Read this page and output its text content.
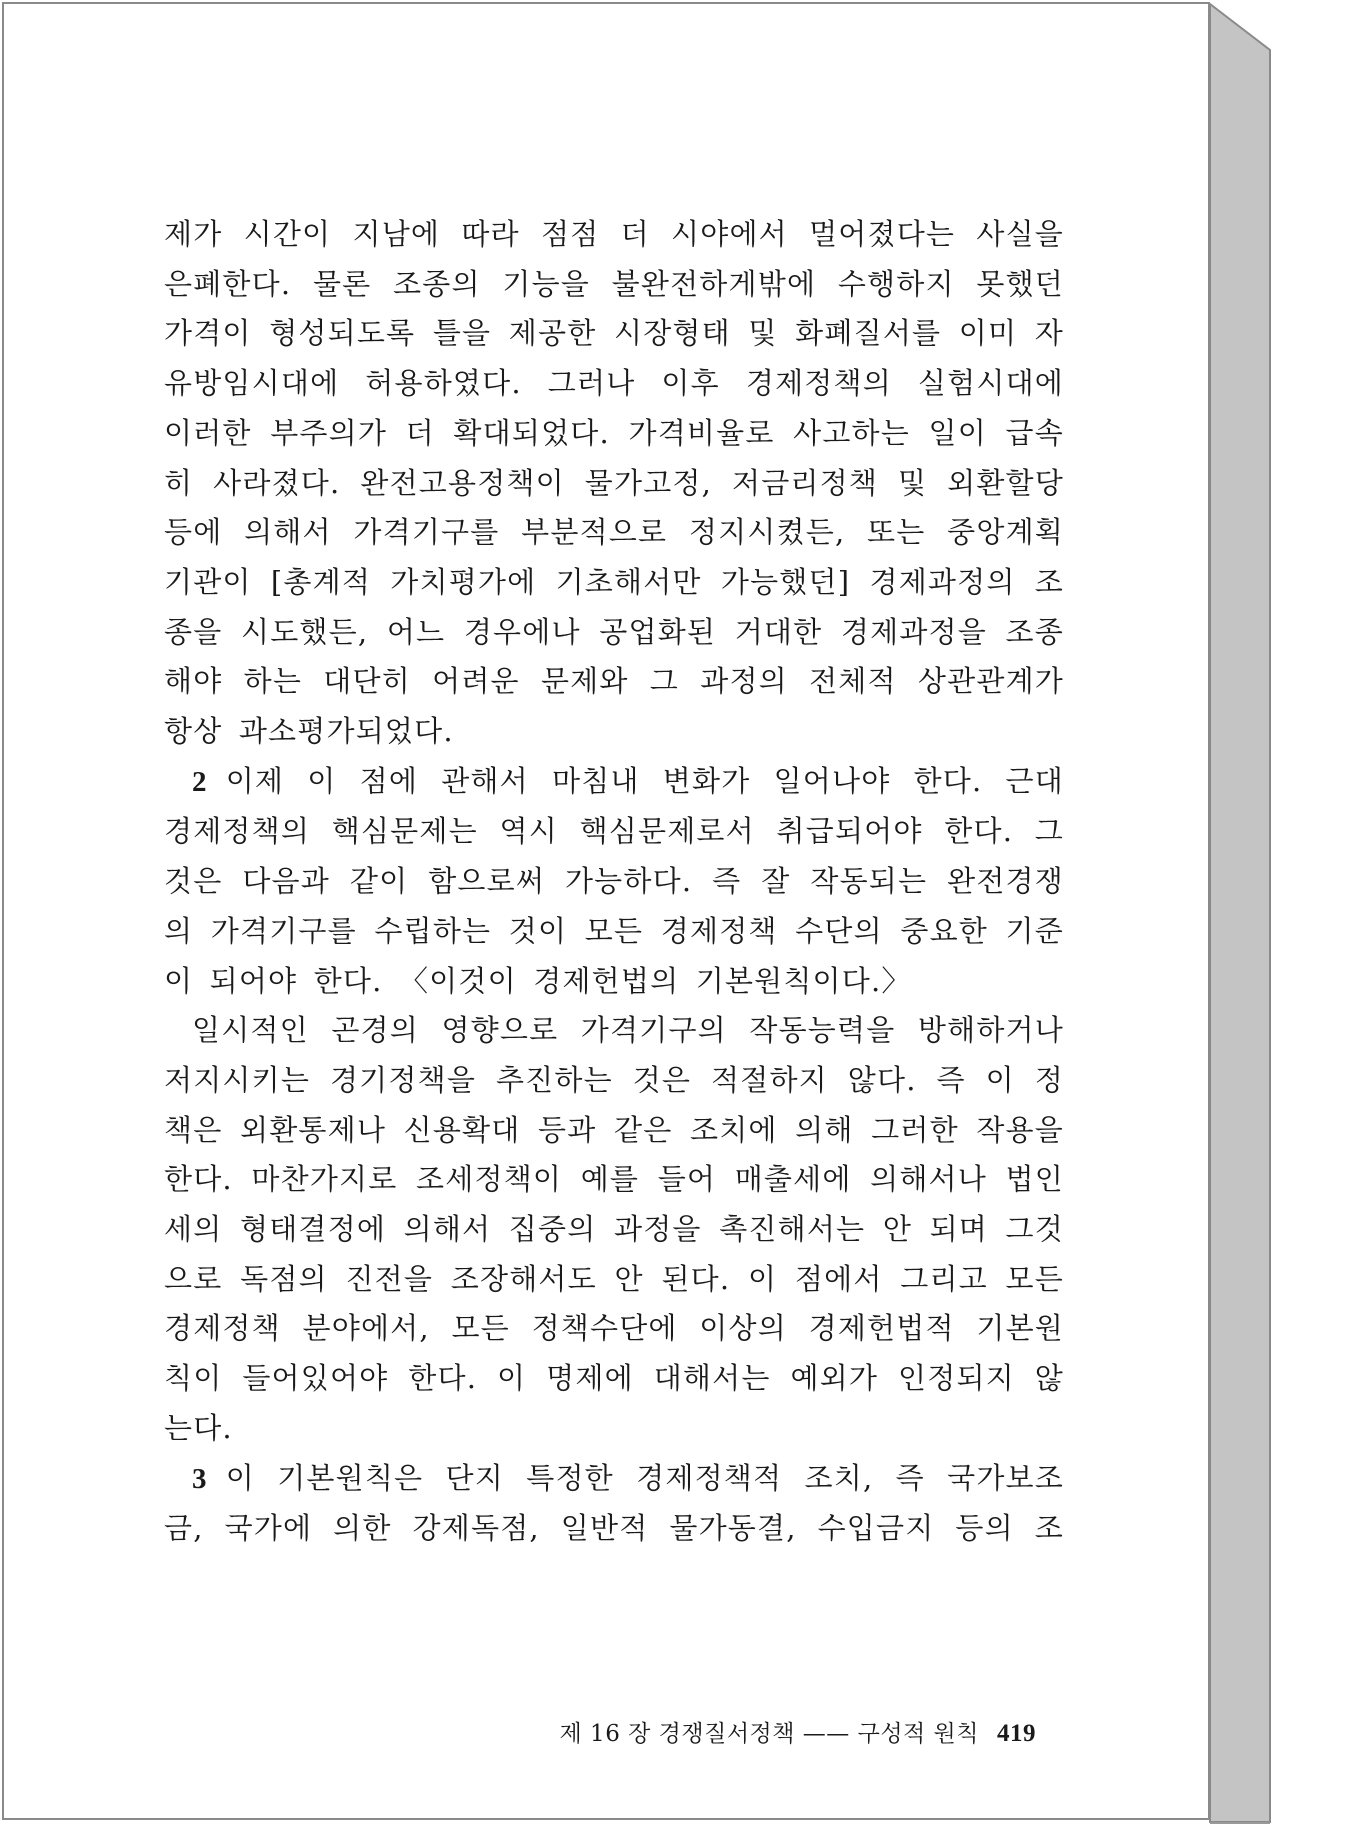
제가 시간이 지남에 따라 점점 더 시야에서 멀어졌다는 사실을

은폐한다. 물론 조종의 기능을 불완전하게밖에 수행하지 못했던

가격이 형성되도록 틀을 제공한 시장형태 및 화폐질서를 이미 자

유방임시대에 허용하였다. 그러나 이후 경제정책의 실험시대에

이러한 부주의가 더 확대되었다. 가격비율로 사고하는 일이 급속

히 사라졌다. 완전고용정책이 물가고정, 저금리정책 및 외환할당

등에 의해서 가격기구를 부분적으로 정지시켰든, 또는 중앙계획

기관이 [총계적 가치평가에 기초해서만 가능했던] 경제과정의 조

종을 시도했든, 어느 경우에나 공업화된 거대한 경제과정을 조종

해야 하는 대단히 어려운 문제와 그 과정의 전체적 상관관계가

항상 과소평가되었다.

2 이제 이 점에 관해서 마침내 변화가 일어나야 한다. 근대

경제정책의 핵심문제는 역시 핵심문제로서 취급되어야 한다. 그

것은 다음과 같이 함으로써 가능하다. 즉 잘 작동되는 완전경쟁

의 가격기구를 수립하는 것이 모든 경제정책 수단의 중요한 기준

이 되어야 한다. 〈이것이 경제헌법의 기본원칙이다.〉

일시적인 곤경의 영향으로 가격기구의 작동능력을 방해하거나

저지시키는 경기정책을 추진하는 것은 적절하지 않다. 즉 이 정

책은 외환통제나 신용확대 등과 같은 조치에 의해 그러한 작용을

한다. 마찬가지로 조세정책이 예를 들어 매출세에 의해서나 법인

세의 형태결정에 의해서 집중의 과정을 촉진해서는 안 되며 그것

으로 독점의 진전을 조장해서도 안 된다. 이 점에서 그리고 모든

경제정책 분야에서, 모든 정책수단에 이상의 경제헌법적 기본원

칙이 들어있어야 한다. 이 명제에 대해서는 예외가 인정되지 않

는다.

3 이 기본원칙은 단지 특정한 경제정책적 조치, 즉 국가보조

금, 국가에 의한 강제독점, 일반적 물가동결, 수입금지 등의 조

제 16 장 경쟁질서정책 —— 구성적 원칙 419
